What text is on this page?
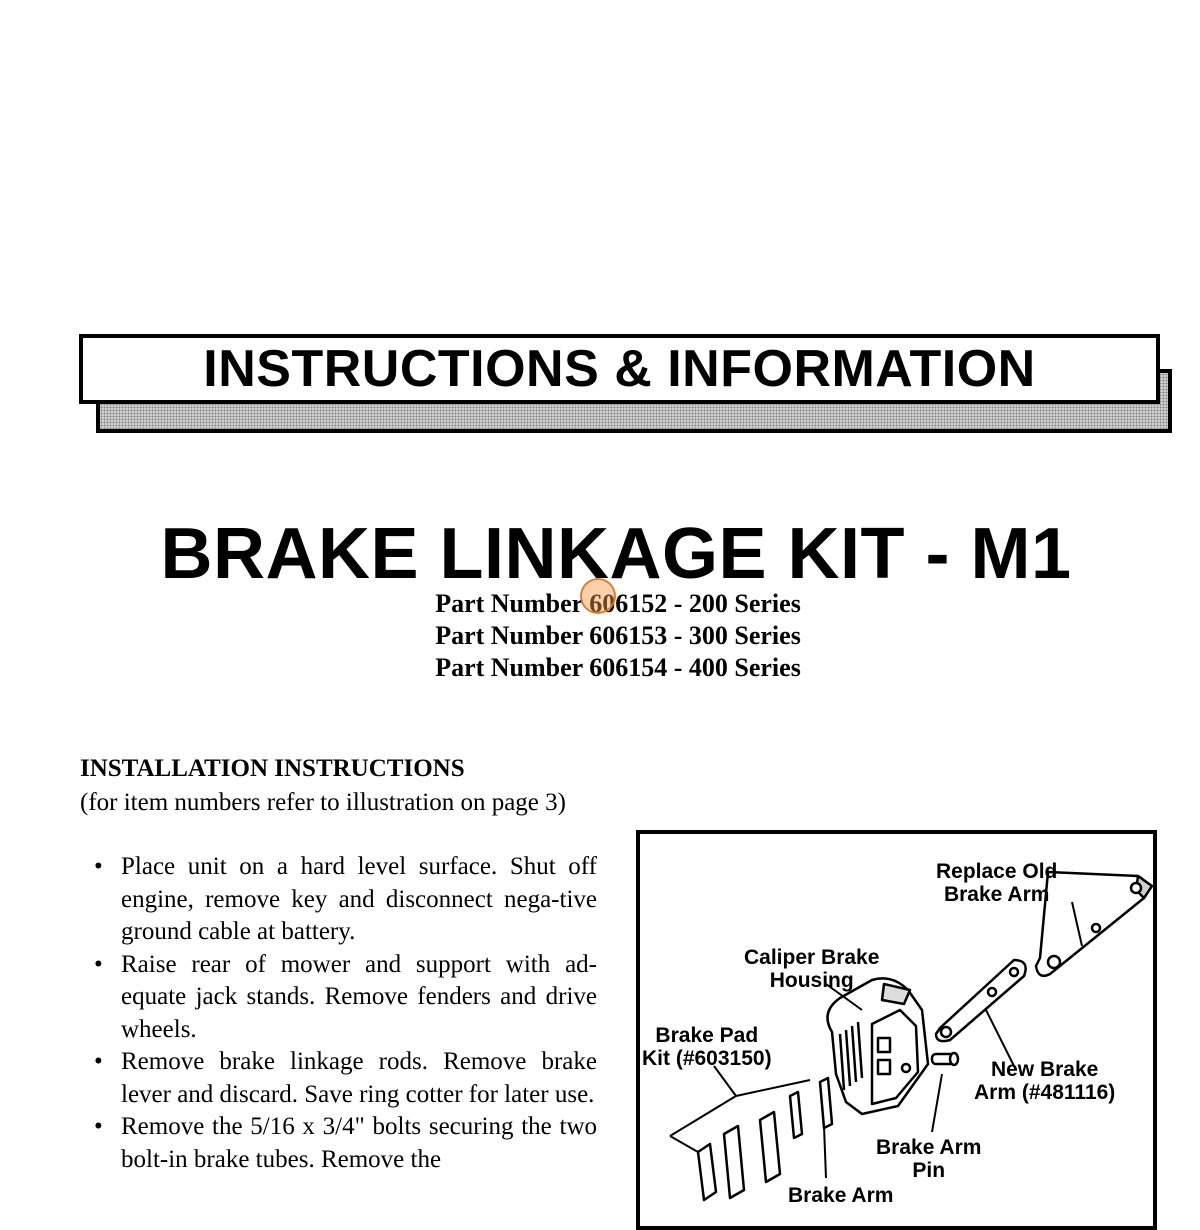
INSTRUCTIONS & INFORMATION
BRAKE LINKAGE KIT - M1
Part Number 606152 - 200 Series
Part Number 606153 - 300 Series
Part Number 606154 - 400 Series
INSTALLATION INSTRUCTIONS
(for item numbers refer to illustration on page 3)
• Place unit on a hard level surface. Shut off engine, remove key and disconnect nega-tive ground cable at battery.
• Raise rear of mower and support with ad-equate jack stands. Remove fenders and drive wheels.
• Remove brake linkage rods. Remove brake lever and discard. Save ring cotter for later use.
• Remove the 5/16 x 3/4" bolts securing the two bolt-in brake tubes. Remove the
Replace Old
Brake Arm
Caliper Brake
Housing
Brake Pad
Kit (#603150)	New Brake
Arm (#481116)
Brake Arm
Pin
Brake Arm
